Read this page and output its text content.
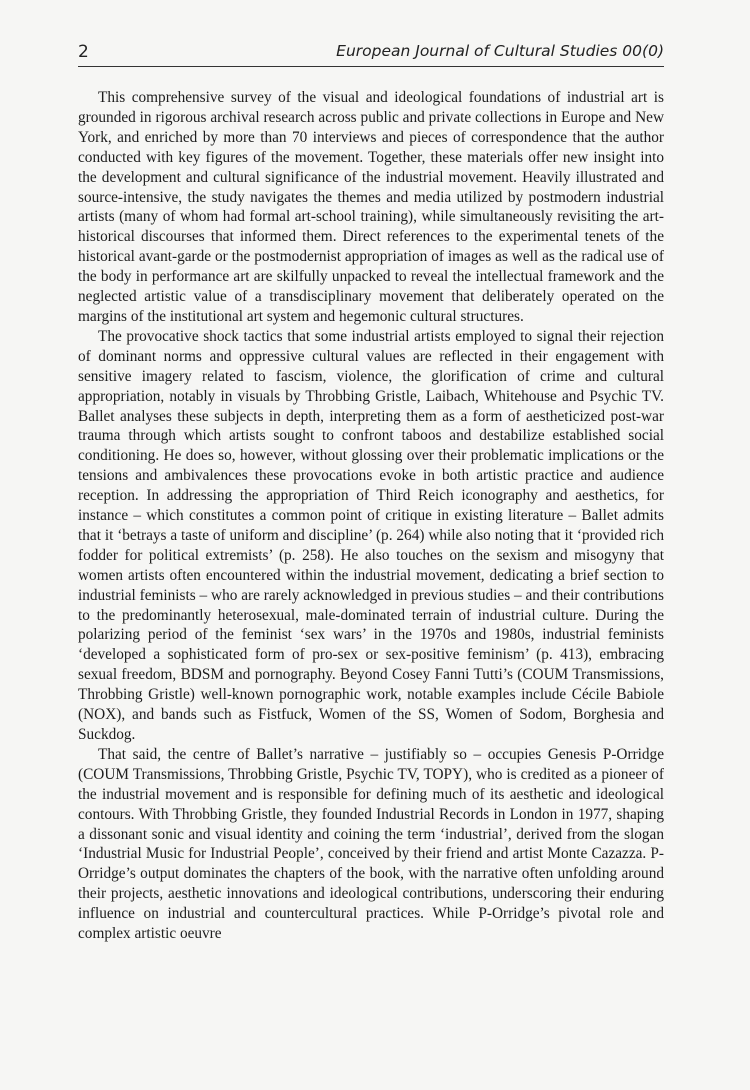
2	European Journal of Cultural Studies 00(0)

This comprehensive survey of the visual and ideological foundations of industrial art is grounded in rigorous archival research across public and private collections in Europe and New York, and enriched by more than 70 interviews and pieces of correspondence that the author conducted with key figures of the movement. Together, these materials offer new insight into the development and cultural significance of the industrial movement. Heavily illustrated and source-intensive, the study navigates the themes and media utilized by postmodern industrial artists (many of whom had formal art-school training), while simultaneously revisiting the art-historical discourses that informed them. Direct references to the experimental tenets of the historical avant-garde or the postmodernist appropriation of images as well as the radical use of the body in performance art are skilfully unpacked to reveal the intellectual framework and the neglected artistic value of a transdisciplinary movement that deliberately operated on the margins of the institutional art system and hegemonic cultural structures.

The provocative shock tactics that some industrial artists employed to signal their rejection of dominant norms and oppressive cultural values are reflected in their engagement with sensitive imagery related to fascism, violence, the glorification of crime and cultural appropriation, notably in visuals by Throbbing Gristle, Laibach, Whitehouse and Psychic TV. Ballet analyses these subjects in depth, interpreting them as a form of aestheticized post-war trauma through which artists sought to confront taboos and destabilize established social conditioning. He does so, however, without glossing over their problematic implications or the tensions and ambivalences these provocations evoke in both artistic practice and audience reception. In addressing the appropriation of Third Reich iconography and aesthetics, for instance – which constitutes a common point of critique in existing literature – Ballet admits that it ‘betrays a taste of uniform and discipline’ (p. 264) while also noting that it ‘provided rich fodder for political extremists’ (p. 258). He also touches on the sexism and misogyny that women artists often encountered within the industrial movement, dedicating a brief section to industrial feminists – who are rarely acknowledged in previous studies – and their contributions to the predominantly heterosexual, male-dominated terrain of industrial culture. During the polarizing period of the feminist ‘sex wars’ in the 1970s and 1980s, industrial feminists ‘developed a sophisticated form of pro-sex or sex-positive feminism’ (p. 413), embracing sexual freedom, BDSM and pornography. Beyond Cosey Fanni Tutti’s (COUM Transmissions, Throbbing Gristle) well-known pornographic work, notable examples include Cécile Babiole (NOX), and bands such as Fistfuck, Women of the SS, Women of Sodom, Borghesia and Suckdog.

That said, the centre of Ballet’s narrative – justifiably so – occupies Genesis P-Orridge (COUM Transmissions, Throbbing Gristle, Psychic TV, TOPY), who is credited as a pioneer of the industrial movement and is responsible for defining much of its aesthetic and ideological contours. With Throbbing Gristle, they founded Industrial Records in London in 1977, shaping a dissonant sonic and visual identity and coining the term ‘industrial’, derived from the slogan ‘Industrial Music for Industrial People’, conceived by their friend and artist Monte Cazazza. P-Orridge’s output dominates the chapters of the book, with the narrative often unfolding around their projects, aesthetic innovations and ideological contributions, underscoring their enduring influence on industrial and countercultural practices. While P-Orridge’s pivotal role and complex artistic oeuvre
